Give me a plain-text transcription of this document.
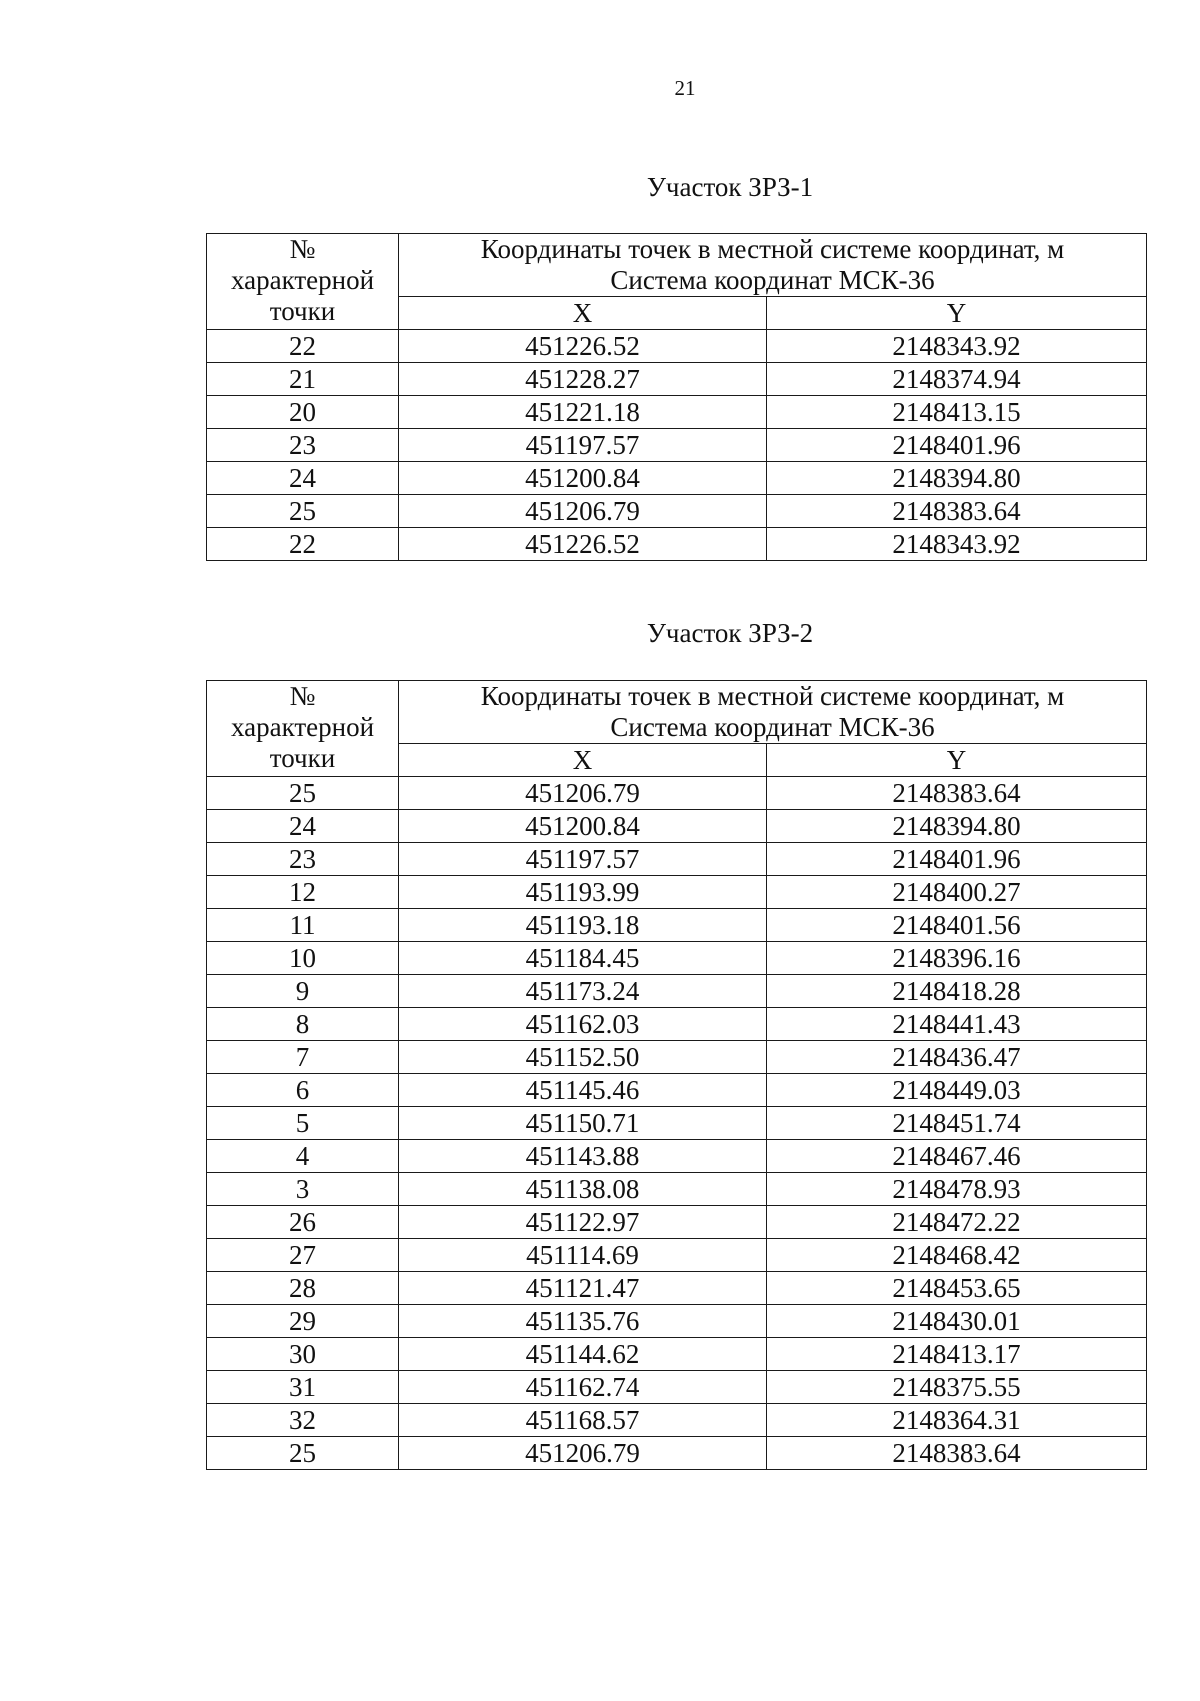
21
Участок ЗРЗ-1
№
характерной
точки	Координаты точек в местной системе координат, м
Система координат МСК-36	

	X	Y
22	451226.52	2148343.92
21	451228.27	2148374.94
20	451221.18	2148413.15
23	451197.57	2148401.96
24	451200.84	2148394.80
25	451206.79	2148383.64
22	451226.52	2148343.92
Участок ЗРЗ-2
№
характерной
точки	Координаты точек в местной системе координат, м
Система координат МСК-36	

	X	Y
25	451206.79	2148383.64
24	451200.84	2148394.80
23	451197.57	2148401.96
12	451193.99	2148400.27
11	451193.18	2148401.56
10	451184.45	2148396.16
9	451173.24	2148418.28
8	451162.03	2148441.43
7	451152.50	2148436.47
6	451145.46	2148449.03
5	451150.71	2148451.74
4	451143.88	2148467.46
3	451138.08	2148478.93
26	451122.97	2148472.22
27	451114.69	2148468.42
28	451121.47	2148453.65
29	451135.76	2148430.01
30	451144.62	2148413.17
31	451162.74	2148375.55
32	451168.57	2148364.31
25	451206.79	2148383.64
